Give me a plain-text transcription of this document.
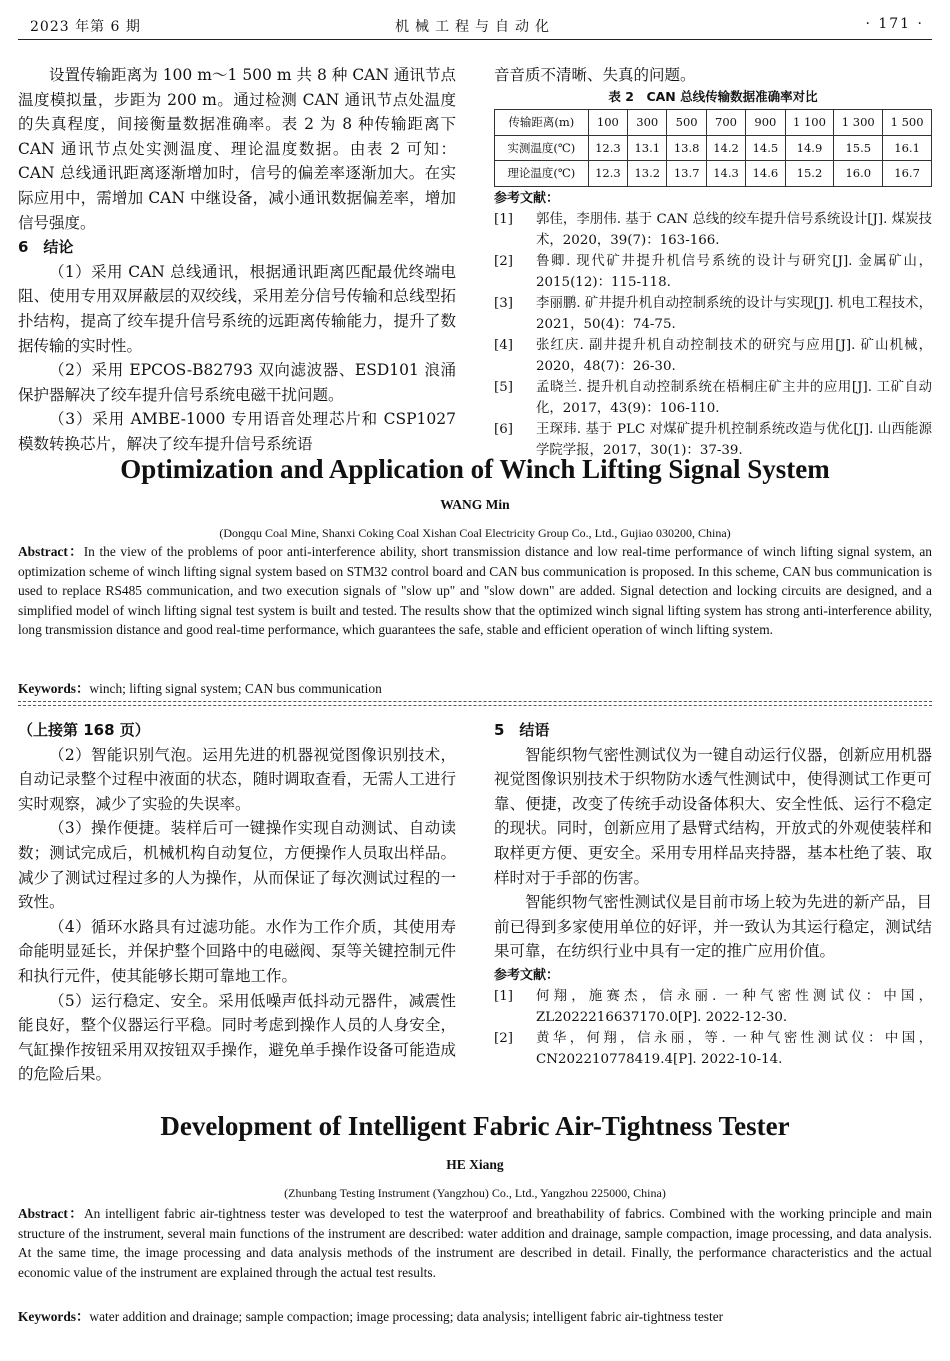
2023 年第 6 期	机械工程与自动化	· 171 ·

设置传输距离为 100 m～1 500 m 共 8 种 CAN 通讯节点温度模拟量，步距为 200 m。通过检测 CAN 通讯节点处温度的失真程度，间接衡量数据准确率。表 2 为 8 种传输距离下 CAN 通讯节点处实测温度、理论温度数据。由表 2 可知：CAN 总线通讯距离逐渐增加时，信号的偏差率逐渐加大。在实际应用中，需增加 CAN 中继设备，减小通讯数据偏差率，增加信号强度。

6　结论

（1）采用 CAN 总线通讯，根据通讯距离匹配最优终端电阻、使用专用双屏蔽层的双绞线，采用差分信号传输和总线型拓扑结构，提高了绞车提升信号系统的远距离传输能力，提升了数据传输的实时性。

（2）采用 EPCOS-B82793 双向滤波器、ESD101 浪涌保护器解决了绞车提升信号系统电磁干扰问题。

（3）采用 AMBE-1000 专用语音处理芯片和 CSP1027 模数转换芯片，解决了绞车提升信号系统语

音音质不清晰、失真的问题。
表 2　CAN 总线传输数据准确率对比
传输距离(m)	100	300	500	700	900	1 100	1 300	1 500
实测温度(℃)	12.3	13.1	13.8	14.2	14.5	14.9	15.5	16.1
理论温度(℃)	12.3	13.2	13.7	14.3	14.6	15.2	16.0	16.7
参考文献：
[1] 郭佳，李朋伟. 基于 CAN 总线的绞车提升信号系统设计[J]. 煤炭技术，2020，39(7)：163-166.
[2] 鲁卿. 现代矿井提升机信号系统的设计与研究[J]. 金属矿山，2015(12)：115-118.
[3] 李丽鹏. 矿井提升机自动控制系统的设计与实现[J]. 机电工程技术，2021，50(4)：74-75.
[4] 张红庆. 副井提升机自动控制技术的研究与应用[J]. 矿山机械，2020，48(7)：26-30.
[5] 孟晓兰. 提升机自动控制系统在梧桐庄矿主井的应用[J]. 工矿自动化，2017，43(9)：106-110.
[6] 王琛玮. 基于 PLC 对煤矿提升机控制系统改造与优化[J]. 山西能源学院学报，2017，30(1)：37-39.
Optimization and Application of Winch Lifting Signal System
WANG Min
(Dongqu Coal Mine, Shanxi Coking Coal Xishan Coal Electricity Group Co., Ltd., Gujiao 030200, China)
Abstract：In the view of the problems of poor anti-interference ability, short transmission distance and low real-time performance of winch lifting signal system, an optimization scheme of winch lifting signal system based on STM32 control board and CAN bus communication is proposed. In this scheme, CAN bus communication is used to replace RS485 communication, and two execution signals of "slow up" and "slow down" are added. Signal detection and locking circuits are designed, and a simplified model of winch lifting signal test system is built and tested. The results show that the optimized winch signal lifting system has strong anti-interference ability, long transmission distance and good real-time performance, which guarantees the safe, stable and efficient operation of winch lifting system.
Keywords：winch; lifting signal system; CAN bus communication
（上接第 168 页）

（2）智能识别气泡。运用先进的机器视觉图像识别技术，自动记录整个过程中液面的状态，随时调取查看，无需人工进行实时观察，减少了实验的失误率。

（3）操作便捷。装样后可一键操作实现自动测试、自动读数；测试完成后，机械机构自动复位，方便操作人员取出样品。减少了测试过程过多的人为操作，从而保证了每次测试过程的一致性。

（4）循环水路具有过滤功能。水作为工作介质，其使用寿命能明显延长，并保护整个回路中的电磁阀、泵等关键控制元件和执行元件，使其能够长期可靠地工作。

（5）运行稳定、安全。采用低噪声低抖动元器件，减震性能良好，整个仪器运行平稳。同时考虑到操作人员的人身安全，气缸操作按钮采用双按钮双手操作，避免单手操作设备可能造成的危险后果。

5　结语

智能织物气密性测试仪为一键自动运行仪器，创新应用机器视觉图像识别技术于织物防水透气性测试中，使得测试工作更可靠、便捷，改变了传统手动设备体积大、安全性低、运行不稳定的现状。同时，创新应用了悬臂式结构，开放式的外观使装样和取样更方便、更安全。采用专用样品夹持器，基本杜绝了装、取样时对于手部的伤害。

智能织物气密性测试仪是目前市场上较为先进的新产品，目前已得到多家使用单位的好评，并一致认为其运行稳定，测试结果可靠，在纺织行业中具有一定的推广应用价值。

参考文献：
[1] 何翔，施赛杰，信永丽. 一种气密性测试仪：中国，ZL2022216637170.0[P]. 2022-12-30.
[2] 黄华，何翔，信永丽，等. 一种气密性测试仪：中国，CN202210778419.4[P]. 2022-10-14.
Development of Intelligent Fabric Air-Tightness Tester
HE Xiang
(Zhunbang Testing Instrument (Yangzhou) Co., Ltd., Yangzhou 225000, China)
Abstract：An intelligent fabric air-tightness tester was developed to test the waterproof and breathability of fabrics. Combined with the working principle and main structure of the instrument, several main functions of the instrument are described: water addition and drainage, sample compaction, image processing, and data analysis. At the same time, the image processing and data analysis methods of the instrument are described in detail. Finally, the performance characteristics and the actual economic value of the instrument are explained through the actual test results.
Keywords：water addition and drainage; sample compaction; image processing; data analysis; intelligent fabric air-tightness tester
